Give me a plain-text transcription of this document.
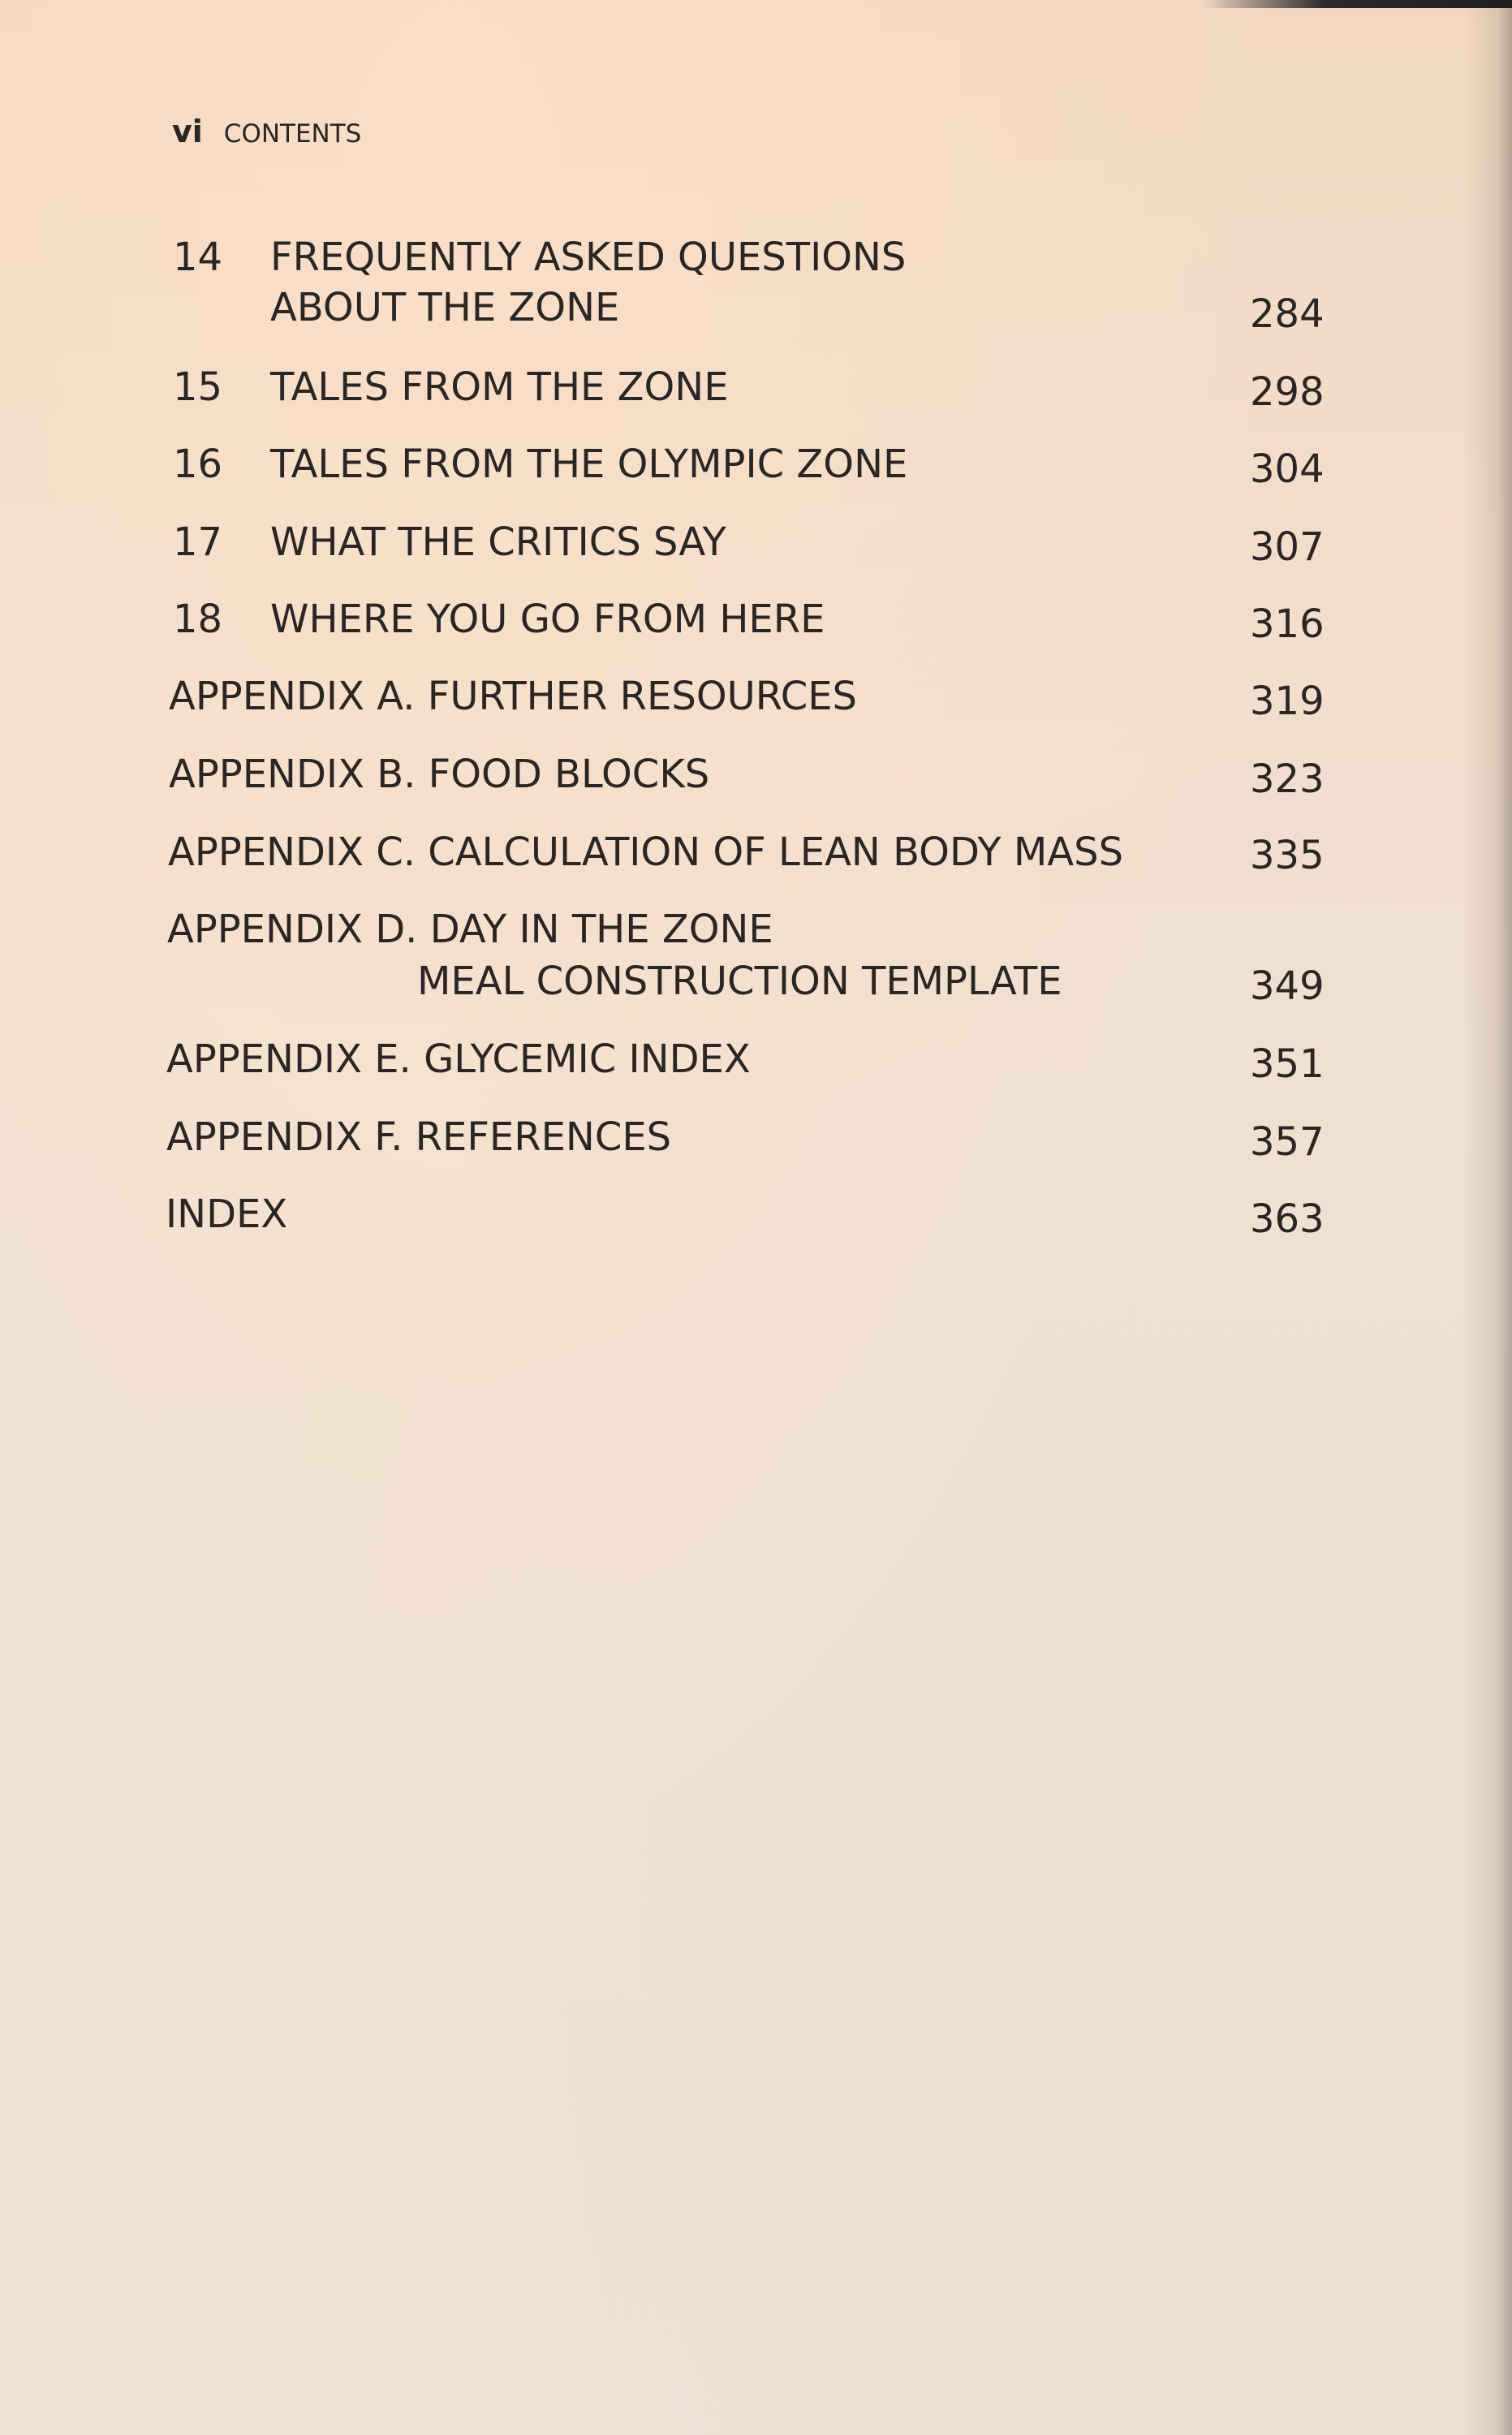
vi CONTENTS
14 FREQUENTLY ASKED QUESTIONS
ABOUT THE ZONE	284
15 TALES FROM THE ZONE	298
16 TALES FROM THE OLYMPIC ZONE	304
17 WHAT THE CRITICS SAY	307
18 WHERE YOU GO FROM HERE	316
APPENDIX A. FURTHER RESOURCES	319
APPENDIX B. FOOD BLOCKS	323
APPENDIX C. CALCULATION OF LEAN BODY MASS	335
APPENDIX D. DAY IN THE ZONE
MEAL CONSTRUCTION TEMPLATE	349
APPENDIX E. GLYCEMIC INDEX	351
APPENDIX F. REFERENCES	357
INDEX	363
